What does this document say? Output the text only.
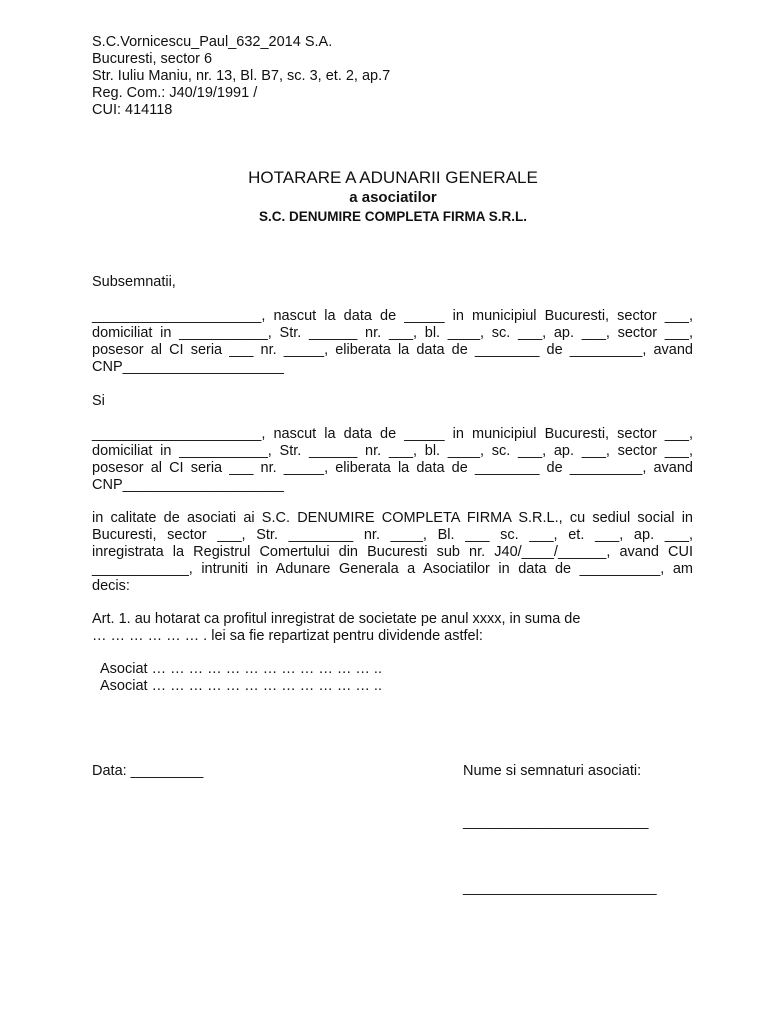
S.C.Vornicescu_Paul_632_2014 S.A.
Bucuresti, sector 6
Str. Iuliu Maniu, nr. 13, Bl. B7, sc. 3, et. 2, ap.7
Reg. Com.: J40/19/1991 /
CUI: 414118
HOTARARE A ADUNARII GENERALE
a asociatilor
S.C. DENUMIRE COMPLETA FIRMA S.R.L.
Subsemnatii,
_____________________, nascut la data de _____ in municipiul Bucuresti, sector ___,
domiciliat in ___________, Str. ______ nr. ___, bl. ____, sc. ___, ap. ___, sector ___,
posesor al CI seria ___ nr. _____, eliberata la data de ________ de _________, avand
CNP____________________
Si
_____________________, nascut la data de _____ in municipiul Bucuresti, sector ___,
domiciliat in ___________, Str. ______ nr. ___, bl. ____, sc. ___, ap. ___, sector ___,
posesor al CI seria ___ nr. _____, eliberata la data de ________ de _________, avand
CNP____________________
in calitate de asociati ai S.C. DENUMIRE COMPLETA FIRMA S.R.L., cu sediul social in
Bucuresti, sector ___, Str. ________ nr. ____, Bl. ___ sc. ___, et. ___, ap. ___,
inregistrata la Registrul Comertului din Bucuresti sub nr. J40/____/______, avand CUI
____________, intruniti in Adunare Generala a Asociatilor in data de __________, am
decis:
Art. 1. au hotarat ca profitul inregistrat de societate pe anul xxxx, in suma de
… … … … … … . lei sa fie repartizat pentru dividende astfel:
Asociat … … … … … … … … … … … … ..
Asociat … … … … … … … … … … … … ..
Data: _________	Nume si semnaturi asociati:
_______________________
________________________
